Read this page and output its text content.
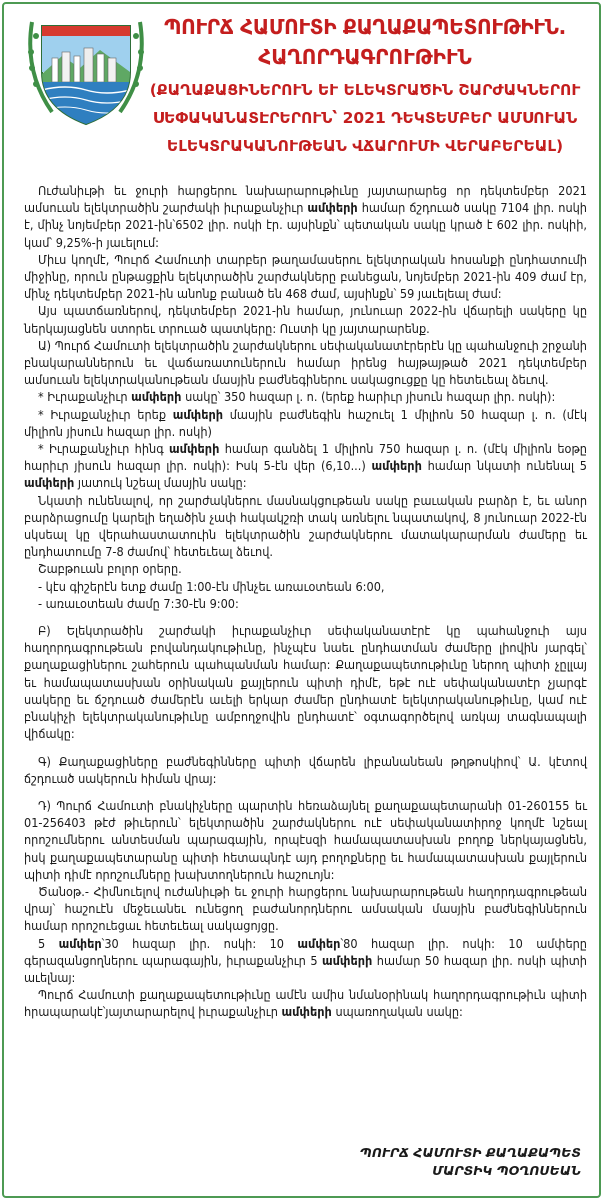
ՊՈՒՐՃ ՀԱՄՈՒՏԻ ՔԱՂԱՔԱՊԵՏՈՒԹԻՒՆ.
ՀԱՂՈՐԴԱԳՐՈՒԹԻՒՆ
(ՔԱՂԱՔԱՑԻՆԵՐՈՒՆ ԵՒ ԵԼԵԿՏՐԱԾԻՆ ՇԱՐԺԱԿՆԵՐՈՒ
ՍԵՓԱԿԱՆԱՏԷՐԵՐՈՒՆ՝ 2021 ԴԵԿՏԵՄԲԵՐ ԱՄՍՈՒԱՆ
ԵԼԵԿՏՐԱԿԱՆՈՒԹԵԱՆ ՎՃԱՐՈՒՄԻ ՎԵՐԱԲԵՐԵԱԼ)

Ուժանիւթի եւ ջուրի հարցերու նախարարութիւնը յայտարարեց որ դեկտեմբեր 2021 ամսուան ելեկտրածին շարժակի իւրաքանչիւր ամփերի համար ճշդուած սակը 7104 լիր. ոսկի է, մինչ նոյեմբեր 2021-ին՝6502 լիր. ոսկի էր. այսինքն՝ պետական սակը կրած է 602 լիր. ոսկիի, կամ՝ 9,25%-ի յաւելում:

Միւս կողմէ, Պուրճ Համուտի տարբեր թաղամասերու ելեկտրական հոսանքի ընդհատումի միջինը, որուն ընթացքին ելեկտրածին շարժակները բանեցան, նոյեմբեր 2021-ին 409 ժամ էր, մինչ դեկտեմբեր 2021-ին անոնք բանած են 468 ժամ, այսինքն՝ 59 յաւելեալ ժամ:

Այս պատճառներով, դեկտեմբեր 2021-ին համար, յունուար 2022-ին վճարելի սակերը կը ներկայացնեն ստորեւ տրուած պատկերը: Ուստի կը յայտարարենք.

Ա) Պուրճ Համուտի ելեկտրածին շարժակներու սեփականատէրերէն կը պահանջուի շրջանի բնակարաններուն եւ վաճառատուներուն համար իրենց հայթայթած 2021 դեկտեմբեր ամսուան ելեկտրականութեան մասյին բաժնեգիներու սակացուցքը կը հետեւեալ ձեւով.

* Իւրաքանչիւր ամփերի սակը՝ 350 հազար լ. ո. (երեք հարիւր յիսուն հազար լիր. ոսկի):

* Իւրաքանչիւր երեք ամփերի մասյին բաժնեգին հաշուել 1 միլիոն 50 հազար լ. ո. (մէկ միլիոն յիսուն հազար լիր. ոսկի)

* Իւրաքանչիւր հինգ ամփերի համար գանձել 1 միլիոն 750 հազար լ. ո. (մէկ միլիոն եօթը հարիւր յիսուն հազար լիր. ոսկի): Իսկ 5-էն վեր (6,10...) ամփերի համար նկատի ունենալ 5 ամփերի յատուկ նշեալ մասյին սակը:

Նկատի ունենալով, որ շարժակներու մասնակցութեան սակը բաւական բարձր է, եւ անոր բարձրացումը կարելի եղածին չափ հակակշռի տակ առնելու նպատակով, 8 յունուար 2022-էն սկսեալ կը վերահաստատուին ելեկտրածին շարժակներու մատակարարման ժամերը եւ ընդհատումը 7-8 ժամով՝ հետեւեալ ձեւով.

Շաբթուան բոլոր օրերը.

- կէս գիշերէն ետք ժամը 1:00-էն մինչեւ առաւօտեան 6:00,

- առաւօտեան ժամը 7:30-էն 9:00:

Բ) Ելեկտրածին շարժակի իւրաքանչիւր սեփականատէրէ կը պահանջուի այս հաղորդագրութեան բովանդակութիւնը, ինչպէս նաեւ ընդհատման ժամերը լիովին յարգել՝ քաղաքացիներու շահերուն պահպանման համար: Քաղաքապետութիւնը ներող պիտի չըլլայ եւ համապատասխան օրինական քայլերուն պիտի դիմէ, եթէ ուէ սեփականատէր չյարգէ սակերը եւ ճշդուած ժամերէն աւելի երկար ժամեր ընդհատէ ելեկտրականութիւնը, կամ ուէ բնակիչի ելեկտրականութիւնը ամբողջովին ընդհատէ՝ օգտագործելով առկայ տագնապալի վիճակը:

Գ) Քաղաքացիները բաժնեգինները պիտի վճարեն լիբանանեան թղթոսկիով՝ Ա. կէտով ճշդուած սակերուն հիման վրայ:

Դ) Պուրճ Համուտի բնակիչները պարտին հեռաձայնել քաղաքապետարանի 01-260155 եւ 01-256403 թէժ թիւերուն՝ ելեկտրածին շարժակներու ուէ սեփականատիրոջ կողմէ նշեալ որոշումներու անտեսման պարագային, որպէսզի համապատասխան բողոք ներկայացնեն, իսկ քաղաքապետարանը պիտի հետապնդէ այդ բողոքները եւ համապատասխան քայլերուն պիտի դիմէ որոշումները խախտողներուն հաշուոյն:

Ծանօթ.- Հիմնուելով ուժանիւթի եւ ջուրի հարցերու նախարարութեան հաղորդագրութեան վրայ՝ հաշուէն մեջեւանեւ ունեցող բաժանորդներու ամսական մասյին բաժնեգիններուն համար որոշուեցաւ հետեւեալ սակացոյցը.

5 ամփեր՝30 հազար լիր. ոսկի: 10 ամփեր՝80 հազար լիր. ոսկի: 10 ամփերը գերազանցողներու պարագային, իւրաքանչիւր 5 ամփերի համար 50 հազար լիր. ոսկի պիտի աւելնայ:

Պուրճ Համուտի քաղաքապետութիւնը ամէն ամիս նմանօրինակ հաղորդագրութիւն պիտի հրապարակէ՝յայտարարելով իւրաքանչիւր ամփերի սպառողական սակը:

ՊՈՒՐՃ ՀԱՄՈՒՏԻ ՔԱՂԱՔԱՊԵՏ
ՄԱՐՏԻԿ ՊՕՂՈՍԵԱՆ
